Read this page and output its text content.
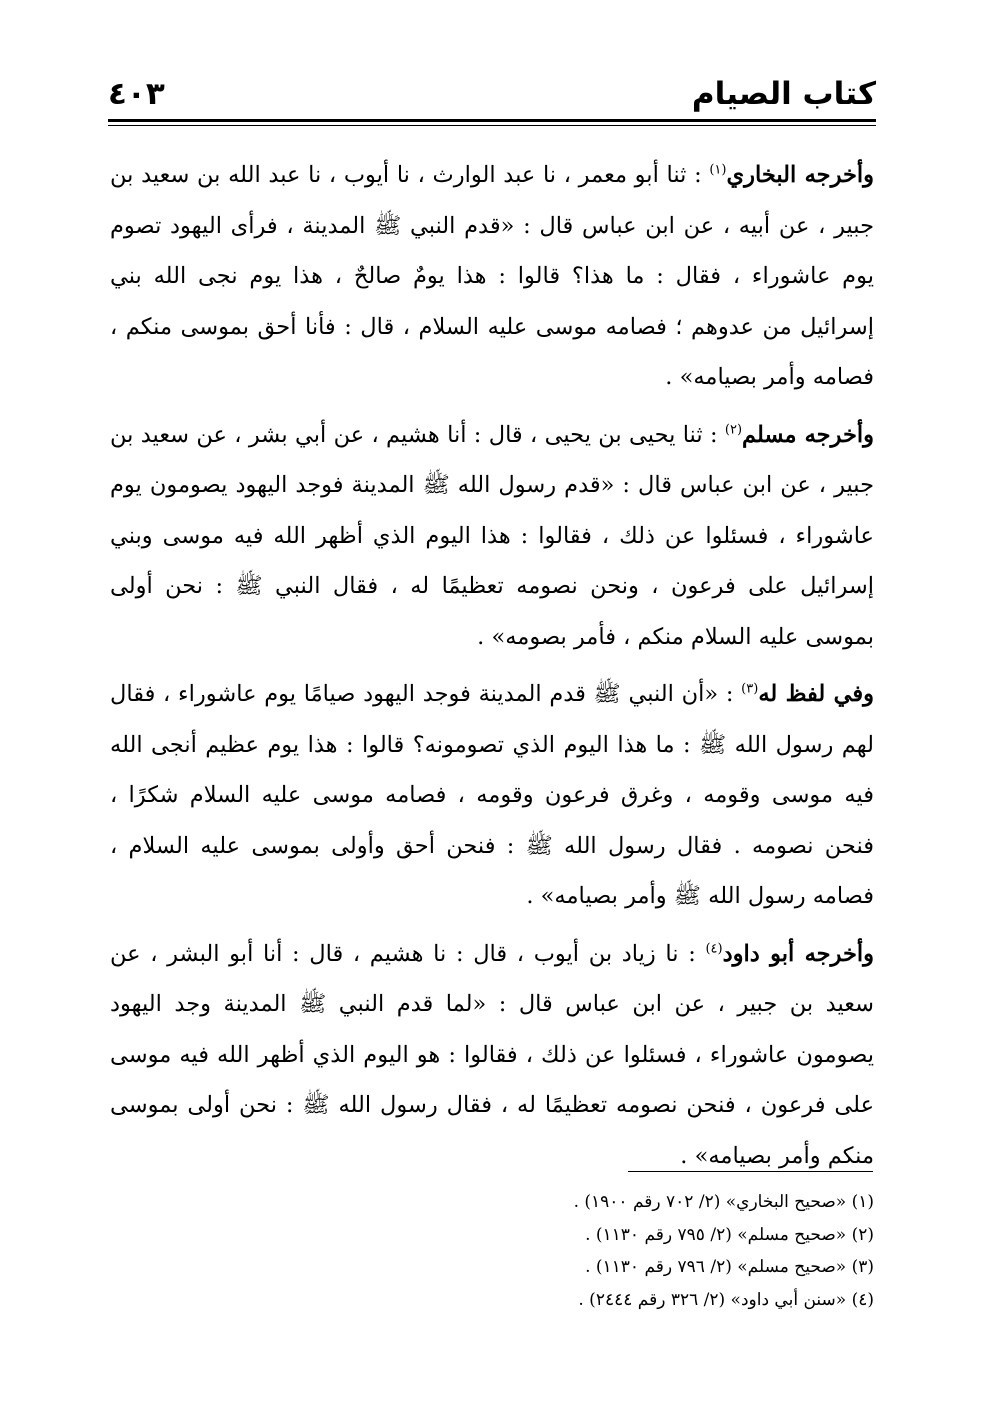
كتاب الصيام
٤٠٣

وأخرجه البخاري$^{(١)}$ : ثنا أبو معمر ، نا عبد الوارث ، نا أيوب ، نا عبد الله بن سعيد بن جبير ، عن أبيه ، عن ابن عباس قال : «قدم النبي ﷺ المدينة ، فرأى اليهود تصوم يوم عاشوراء ، فقال : ما هذا؟ قالوا : هذا يومٌ صالحٌ ، هذا يوم نجى الله بني إسرائيل من عدوهم ؛ فصامه موسى عليه السلام ، قال : فأنا أحق بموسى منكم ، فصامه وأمر بصيامه» .

وأخرجه مسلم$^{(٢)}$ : ثنا يحيى بن يحيى ، قال : أنا هشيم ، عن أبي بشر ، عن سعيد بن جبير ، عن ابن عباس قال : «قدم رسول الله ﷺ المدينة فوجد اليهود يصومون يوم عاشوراء ، فسئلوا عن ذلك ، فقالوا : هذا اليوم الذي أظهر الله فيه موسى وبني إسرائيل على فرعون ، ونحن نصومه تعظيمًا له ، فقال النبي ﷺ : نحن أولى بموسى عليه السلام منكم ، فأمر بصومه» .

وفي لفظ له$^{(٣)}$ : «أن النبي ﷺ قدم المدينة فوجد اليهود صيامًا يوم عاشوراء ، فقال لهم رسول الله ﷺ : ما هذا اليوم الذي تصومونه؟ قالوا : هذا يوم عظيم أنجى الله فيه موسى وقومه ، وغرق فرعون وقومه ، فصامه موسى عليه السلام شكرًا ، فنحن نصومه . فقال رسول الله ﷺ : فنحن أحق وأولى بموسى عليه السلام ، فصامه رسول الله ﷺ وأمر بصيامه» .

وأخرجه أبو داود$^{(٤)}$ : نا زياد بن أيوب ، قال : نا هشيم ، قال : أنا أبو البشر ، عن سعيد بن جبير ، عن ابن عباس قال : «لما قدم النبي ﷺ المدينة وجد اليهود يصومون عاشوراء ، فسئلوا عن ذلك ، فقالوا : هو اليوم الذي أظهر الله فيه موسى على فرعون ، فنحن نصومه تعظيمًا له ، فقال رسول الله ﷺ : نحن أولى بموسى منكم وأمر بصيامه» .

(١) «صحيح البخاري» (٢/ ٧٠٢ رقم ١٩٠٠) .

(٢) «صحيح مسلم» (٢/ ٧٩٥ رقم ١١٣٠) .

(٣) «صحيح مسلم» (٢/ ٧٩٦ رقم ١١٣٠) .

(٤) «سنن أبي داود» (٢/ ٣٢٦ رقم ٢٤٤٤) .
